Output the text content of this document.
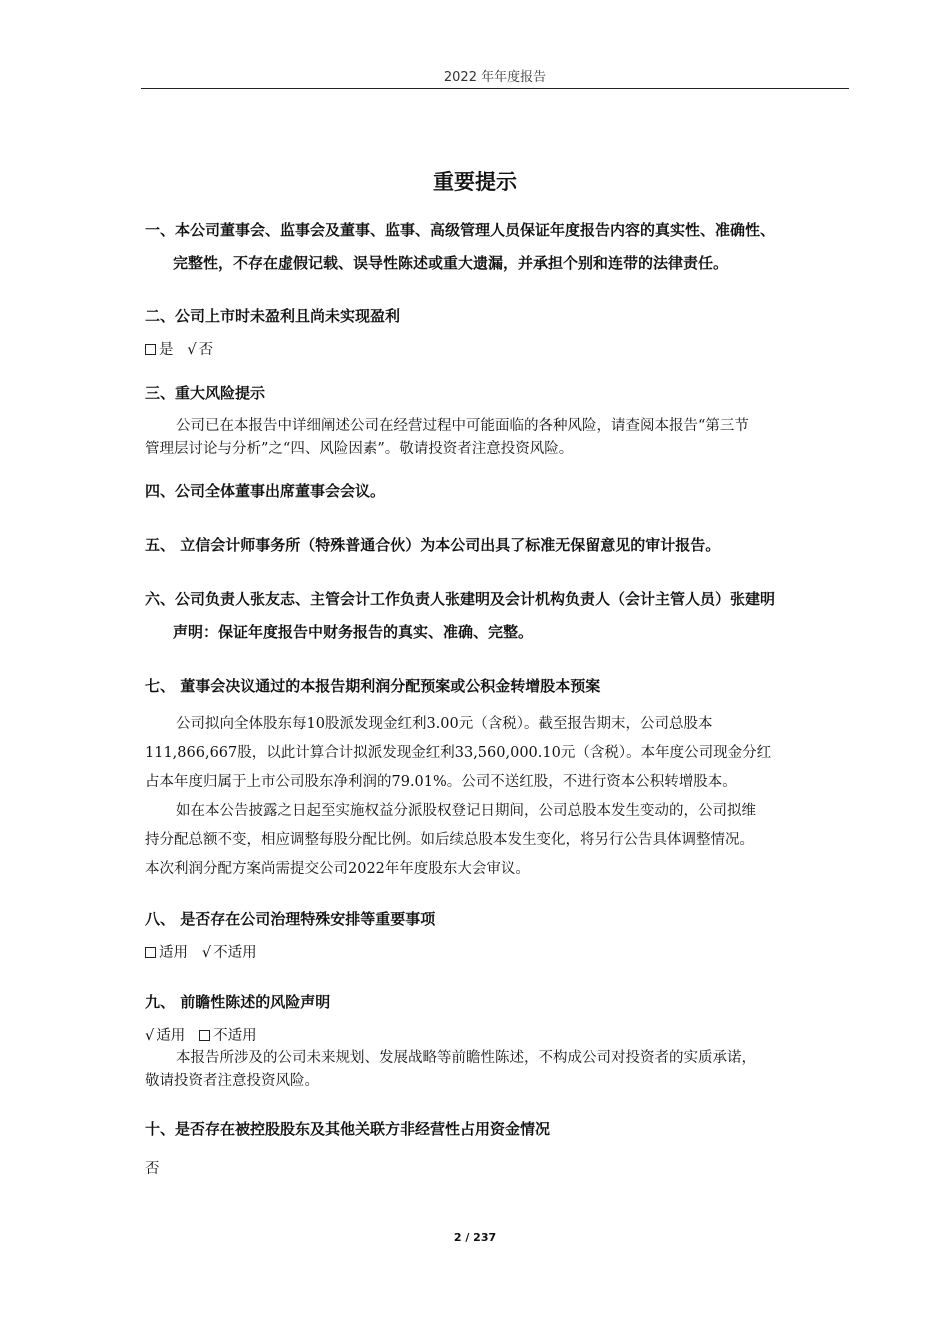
2022 年年度报告
重要提示
一、本公司董事会、监事会及董事、监事、高级管理人员保证年度报告内容的真实性、准确性、
完整性，不存在虚假记载、误导性陈述或重大遗漏，并承担个别和连带的法律责任。
二、公司上市时未盈利且尚未实现盈利
是 √ 否
三、重大风险提示
公司已在本报告中详细阐述公司在经营过程中可能面临的各种风险，请查阅本报告“第三节
管理层讨论与分析”之“四、风险因素”。敬请投资者注意投资风险。
四、公司全体董事出席董事会会议。
五、 立信会计师事务所（特殊普通合伙）为本公司出具了标准无保留意见的审计报告。
六、公司负责人张友志、主管会计工作负责人张建明及会计机构负责人（会计主管人员）张建明
声明：保证年度报告中财务报告的真实、准确、完整。
七、 董事会决议通过的本报告期利润分配预案或公积金转增股本预案
公司拟向全体股东每10股派发现金红利3.00元（含税）。截至报告期末，公司总股本
111,866,667股，以此计算合计拟派发现金红利33,560,000.10元（含税）。本年度公司现金分红
占本年度归属于上市公司股东净利润的79.01%。公司不送红股，不进行资本公积转增股本。
如在本公告披露之日起至实施权益分派股权登记日期间，公司总股本发生变动的，公司拟维
持分配总额不变，相应调整每股分配比例。如后续总股本发生变化，将另行公告具体调整情况。
本次利润分配方案尚需提交公司2022年年度股东大会审议。
八、 是否存在公司治理特殊安排等重要事项
适用 √ 不适用
九、 前瞻性陈述的风险声明
√ 适用 不适用
本报告所涉及的公司未来规划、发展战略等前瞻性陈述，不构成公司对投资者的实质承诺，
敬请投资者注意投资风险。
十、是否存在被控股股东及其他关联方非经营性占用资金情况
否
2 / 237
